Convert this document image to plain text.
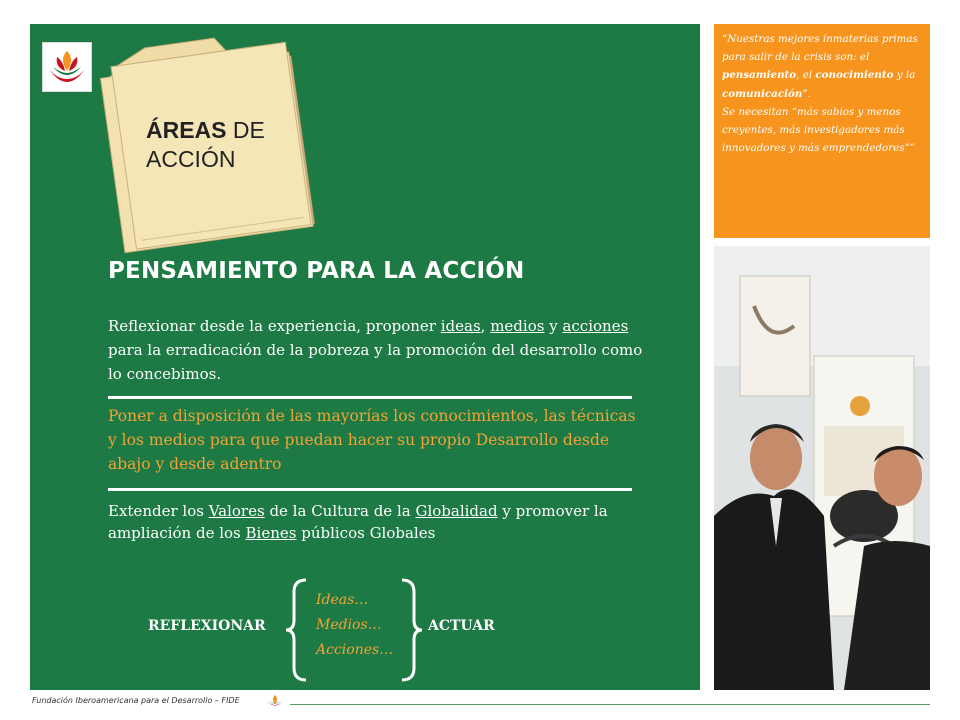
ÁREAS DE
ACCIÓN
PENSAMIENTO PARA LA ACCIÓN
Reflexionar desde la experiencia, proponer ideas, medios y acciones para la erradicación de la pobreza y la promoción del desarrollo como lo concebimos.
Poner a disposición de las mayorías los conocimientos, las técnicas y los medios para que puedan hacer su propio Desarrollo desde abajo y desde adentro
Extender los Valores de la Cultura de la Globalidad y promover la ampliación de los Bienes públicos Globales
REFLEXIONAR
Ideas…
Medios…
Acciones…
ACTUAR
“Nuestras mejores inmaterias primas para salir de la crisis son: el pensamiento, el conocimiento y la comunicación”.
Se necesitan “más sabios y menos creyentes, más investigadores más innovadores y más emprendedores””
Fundación Iberoamericana para el Desarrollo – FIDE
